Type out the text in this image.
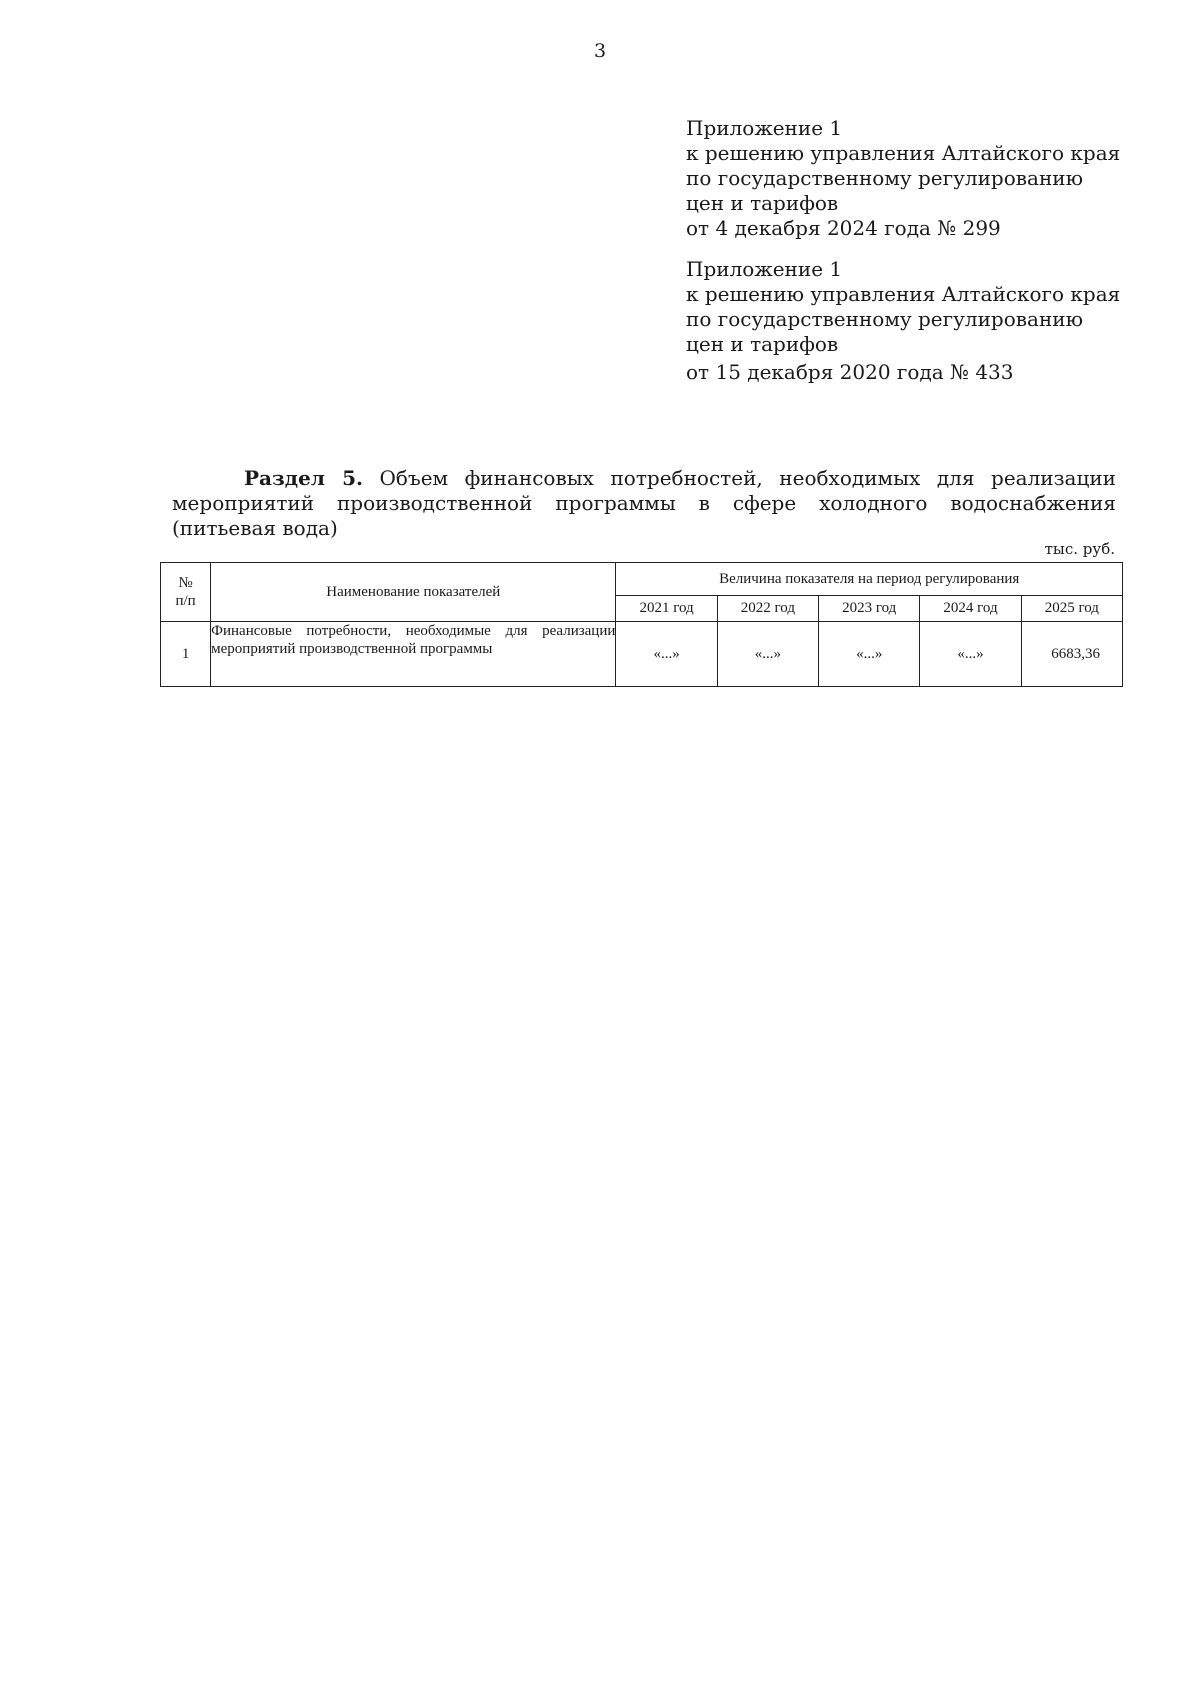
3
Приложение 1
к решению управления Алтайского края
по государственному регулированию
цен и тарифов
от 4 декабря 2024 года № 299
Приложение 1
к решению управления Алтайского края
по государственному регулированию
цен и тарифов
от 15 декабря 2020 года № 433
Раздел 5. Объем финансовых потребностей, необходимых для реализации
мероприятий производственной программы в сфере холодного водоснабжения (питьевая вода)
тыс. руб.
№
п/п	Наименование показателей	Величина показателя на период регулирования				
		2021 год	2022 год	2023 год	2024 год	2025 год
1	Финансовые потребности, необходимые для реализации мероприятий производственной программы	«...»	«...»	«...»	«...»	6683,36
